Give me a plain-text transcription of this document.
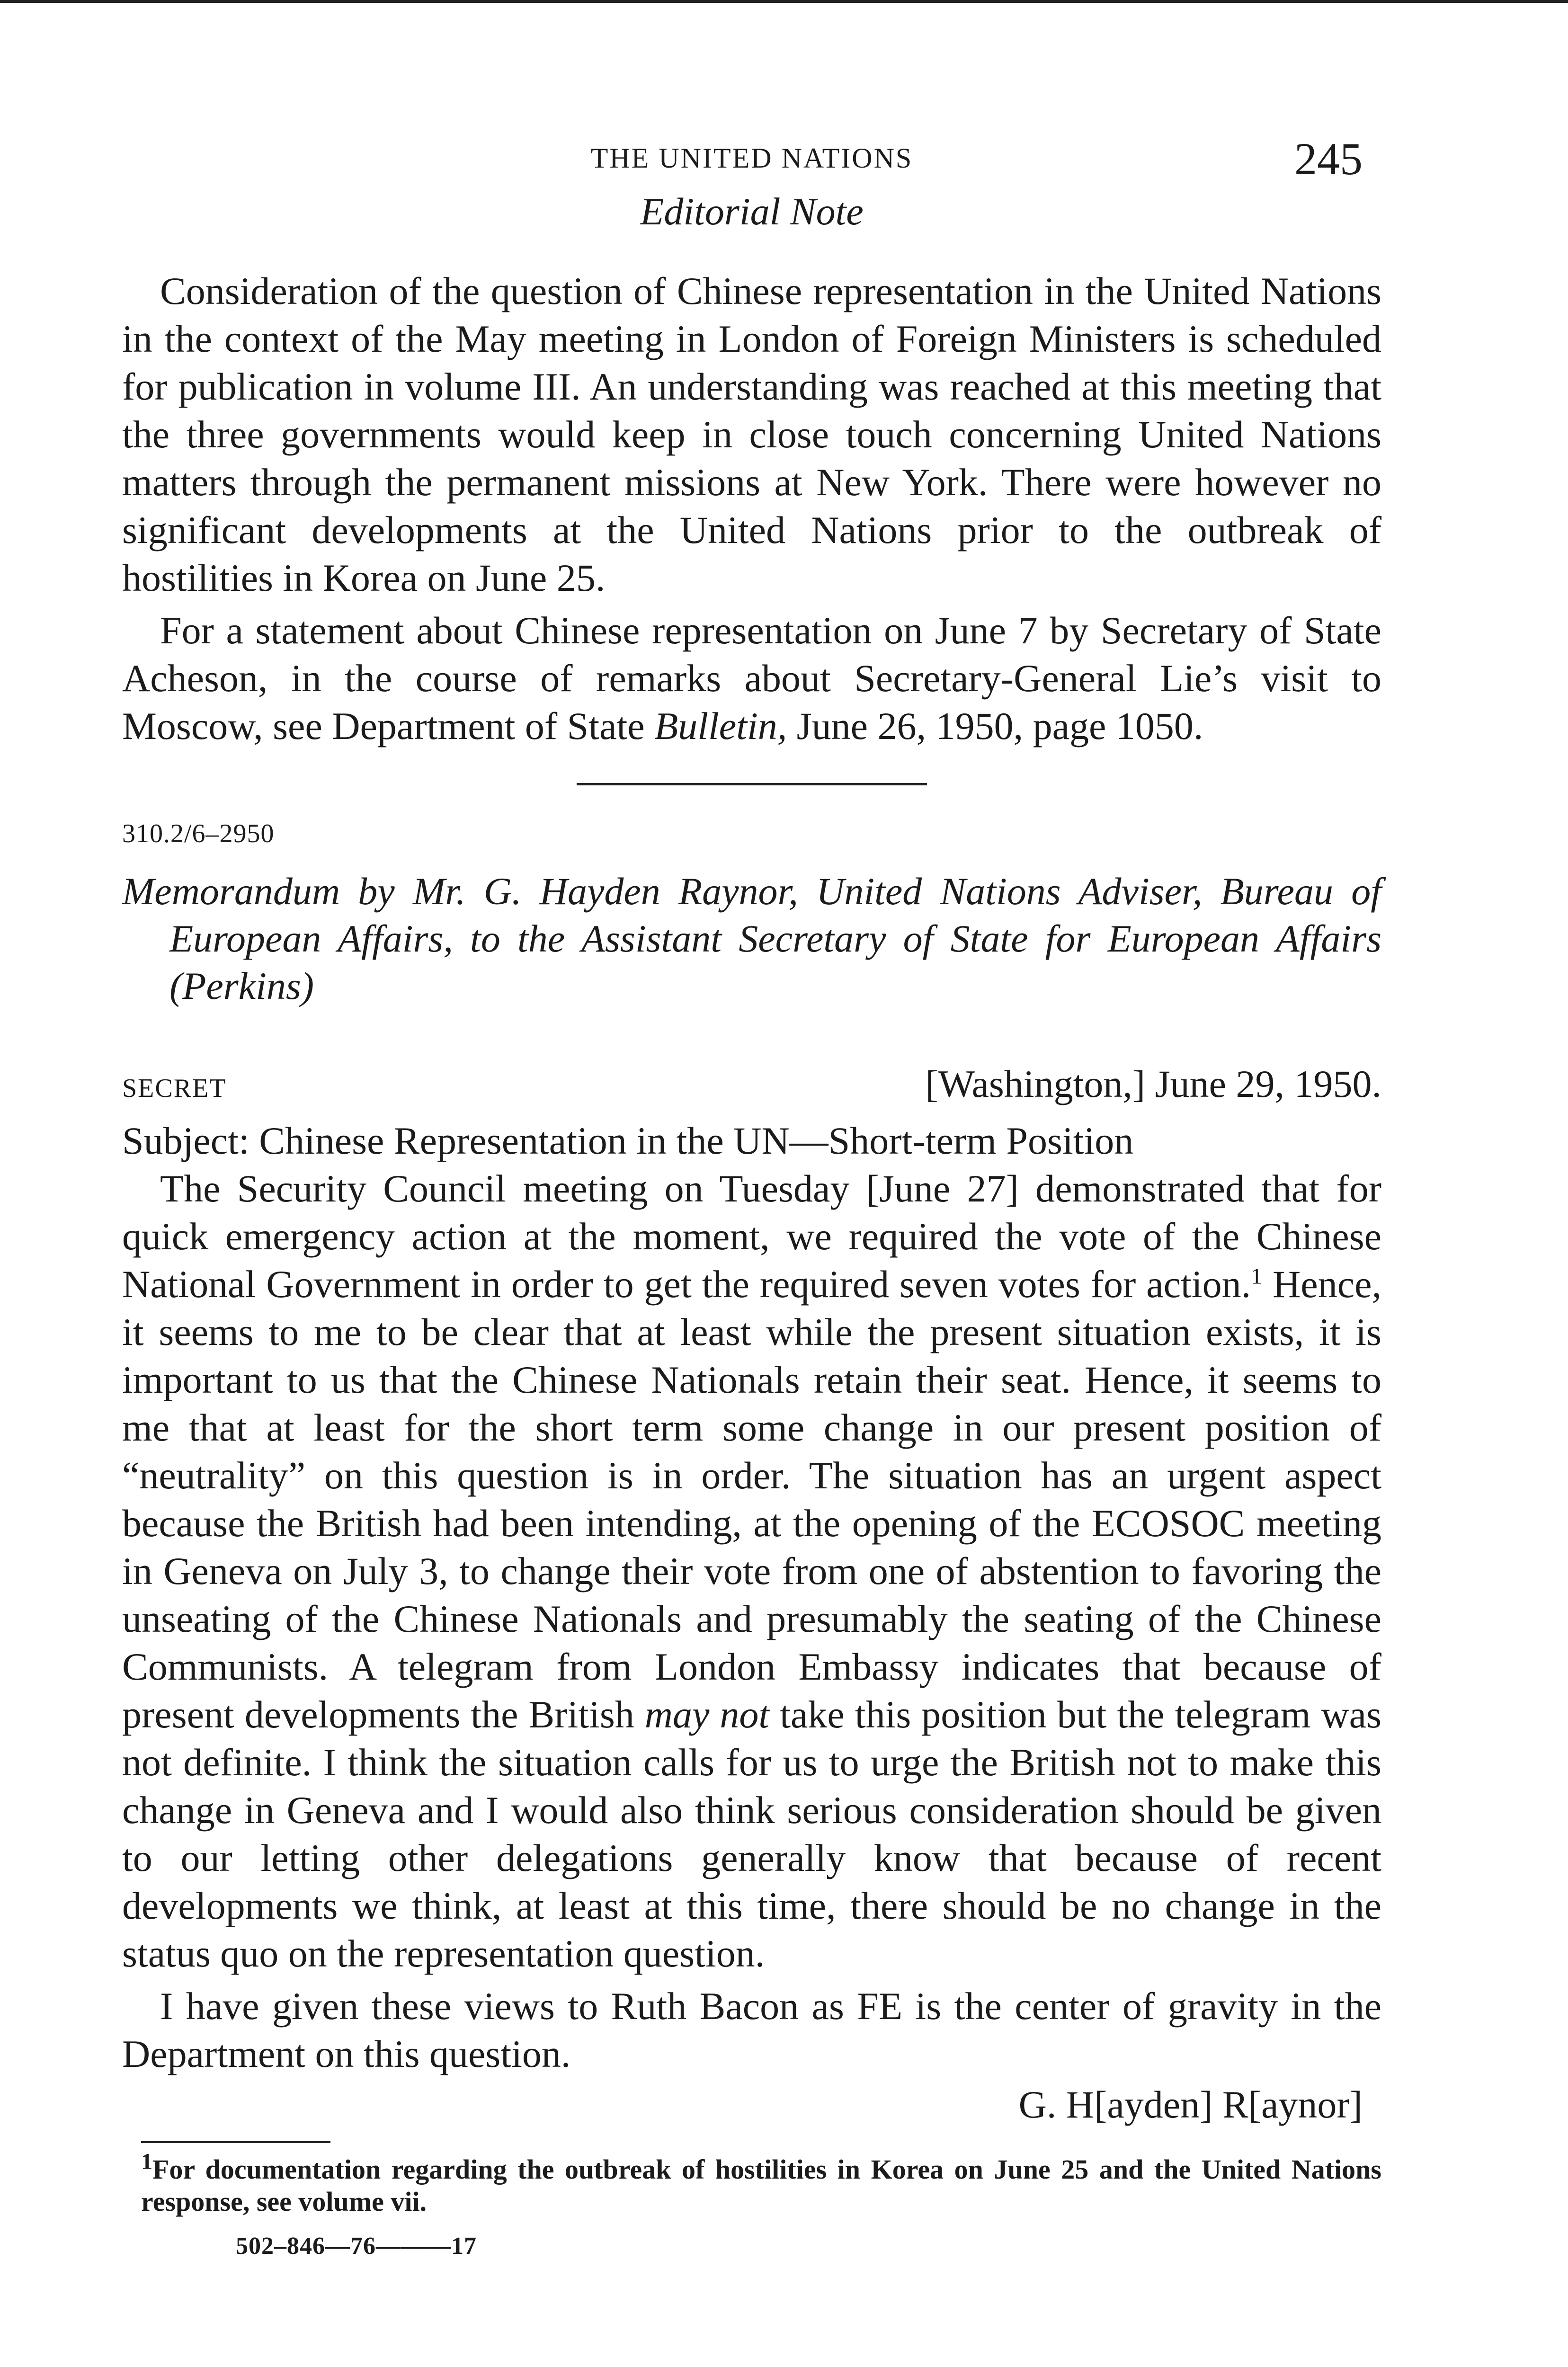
THE UNITED NATIONS	245
Editorial Note

Consideration of the question of Chinese representation in the United Nations in the context of the May meeting in London of Foreign Ministers is scheduled for publication in volume III. An understanding was reached at this meeting that the three governments would keep in close touch concerning United Nations matters through the permanent missions at New York. There were however no significant developments at the United Nations prior to the outbreak of hostilities in Korea on June 25.

For a statement about Chinese representation on June 7 by Secretary of State Acheson, in the course of remarks about Secretary-General Lie’s visit to Moscow, see Department of State Bulletin, June 26, 1950, page 1050.

310.2/6–2950

Memorandum by Mr. G. Hayden Raynor, United Nations Adviser, Bureau of European Affairs, to the Assistant Secretary of State for European Affairs (Perkins)

SECRET	[Washington,] June 29, 1950.
Subject: Chinese Representation in the UN—Short-term Position

The Security Council meeting on Tuesday [June 27] demonstrated that for quick emergency action at the moment, we required the vote of the Chinese National Government in order to get the required seven votes for action.$^1$ Hence, it seems to me to be clear that at least while the present situation exists, it is important to us that the Chinese Nationals retain their seat. Hence, it seems to me that at least for the short term some change in our present position of “neutrality” on this question is in order. The situation has an urgent aspect because the British had been intending, at the opening of the ECOSOC meeting in Geneva on July 3, to change their vote from one of abstention to favoring the unseating of the Chinese Nationals and presumably the seating of the Chinese Communists. A telegram from London Embassy indicates that because of present developments the British may not take this position but the telegram was not definite. I think the situation calls for us to urge the British not to make this change in Geneva and I would also think serious consideration should be given to our letting other delegations generally know that because of recent developments we think, at least at this time, there should be no change in the status quo on the representation question.

I have given these views to Ruth Bacon as FE is the center of gravity in the Department on this question.

G. H[ayden] R[aynor]

$^1$For documentation regarding the outbreak of hostilities in Korea on June 25 and the United Nations response, see volume vii.

502–846—76———17
